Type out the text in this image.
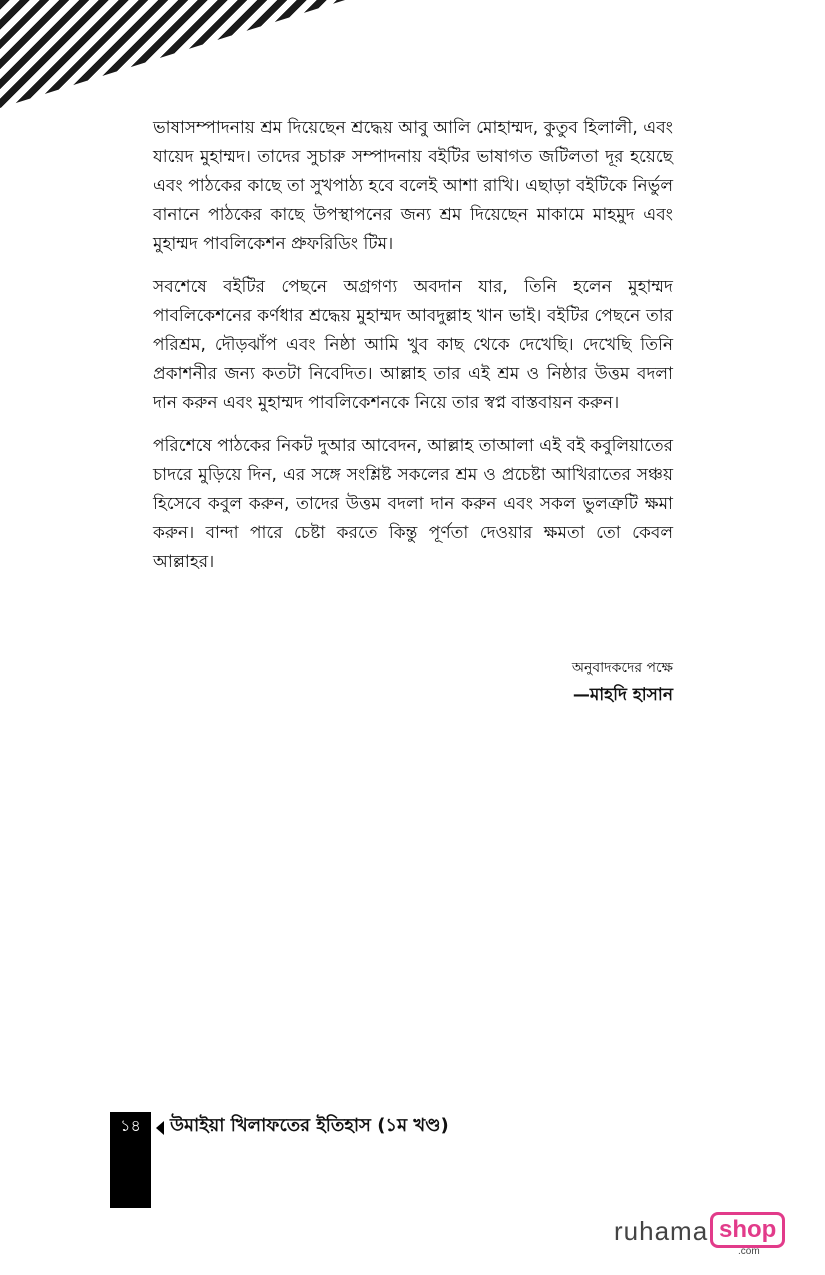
ভাষাসম্পাদনায় শ্রম দিয়েছেন শ্রদ্ধেয় আবু আলি মোহাম্মদ, কুতুব হিলালী, এবং যায়েদ মুহাম্মদ। তাদের সুচারু সম্পাদনায় বইটির ভাষাগত জটিলতা দূর হয়েছে এবং পাঠকের কাছে তা সুখপাঠ্য হবে বলেই আশা রাখি। এছাড়া বইটিকে নির্ভুল বানানে পাঠকের কাছে উপস্থাপনের জন্য শ্রম দিয়েছেন মাকামে মাহমুদ এবং মুহাম্মদ পাবলিকেশন প্রুফরিডিং টিম।

সবশেষে বইটির পেছনে অগ্রগণ্য অবদান যার, তিনি হলেন মুহাম্মদ পাবলিকেশনের কর্ণধার শ্রদ্ধেয় মুহাম্মদ আবদুল্লাহ খান ভাই। বইটির পেছনে তার পরিশ্রম, দৌড়ঝাঁপ এবং নিষ্ঠা আমি খুব কাছ থেকে দেখেছি। দেখেছি তিনি প্রকাশনীর জন্য কতটা নিবেদিত। আল্লাহ তার এই শ্রম ও নিষ্ঠার উত্তম বদলা দান করুন এবং মুহাম্মদ পাবলিকেশনকে নিয়ে তার স্বপ্ন বাস্তবায়ন করুন।

পরিশেষে পাঠকের নিকট দুআর আবেদন, আল্লাহ তাআলা এই বই কবুলিয়াতের চাদরে মুড়িয়ে দিন, এর সঙ্গে সংশ্লিষ্ট সকলের শ্রম ও প্রচেষ্টা আখিরাতের সঞ্চয় হিসেবে কবুল করুন, তাদের উত্তম বদলা দান করুন এবং সকল ভুলত্রুটি ক্ষমা করুন। বান্দা পারে চেষ্টা করতে কিন্তু পূর্ণতা দেওয়ার ক্ষমতা তো কেবল আল্লাহর।

অনুবাদকদের পক্ষে
—মাহদি হাসান
১৪	উমাইয়া খিলাফতের ইতিহাস (১ম খণ্ড)
ruhama shop
.com
